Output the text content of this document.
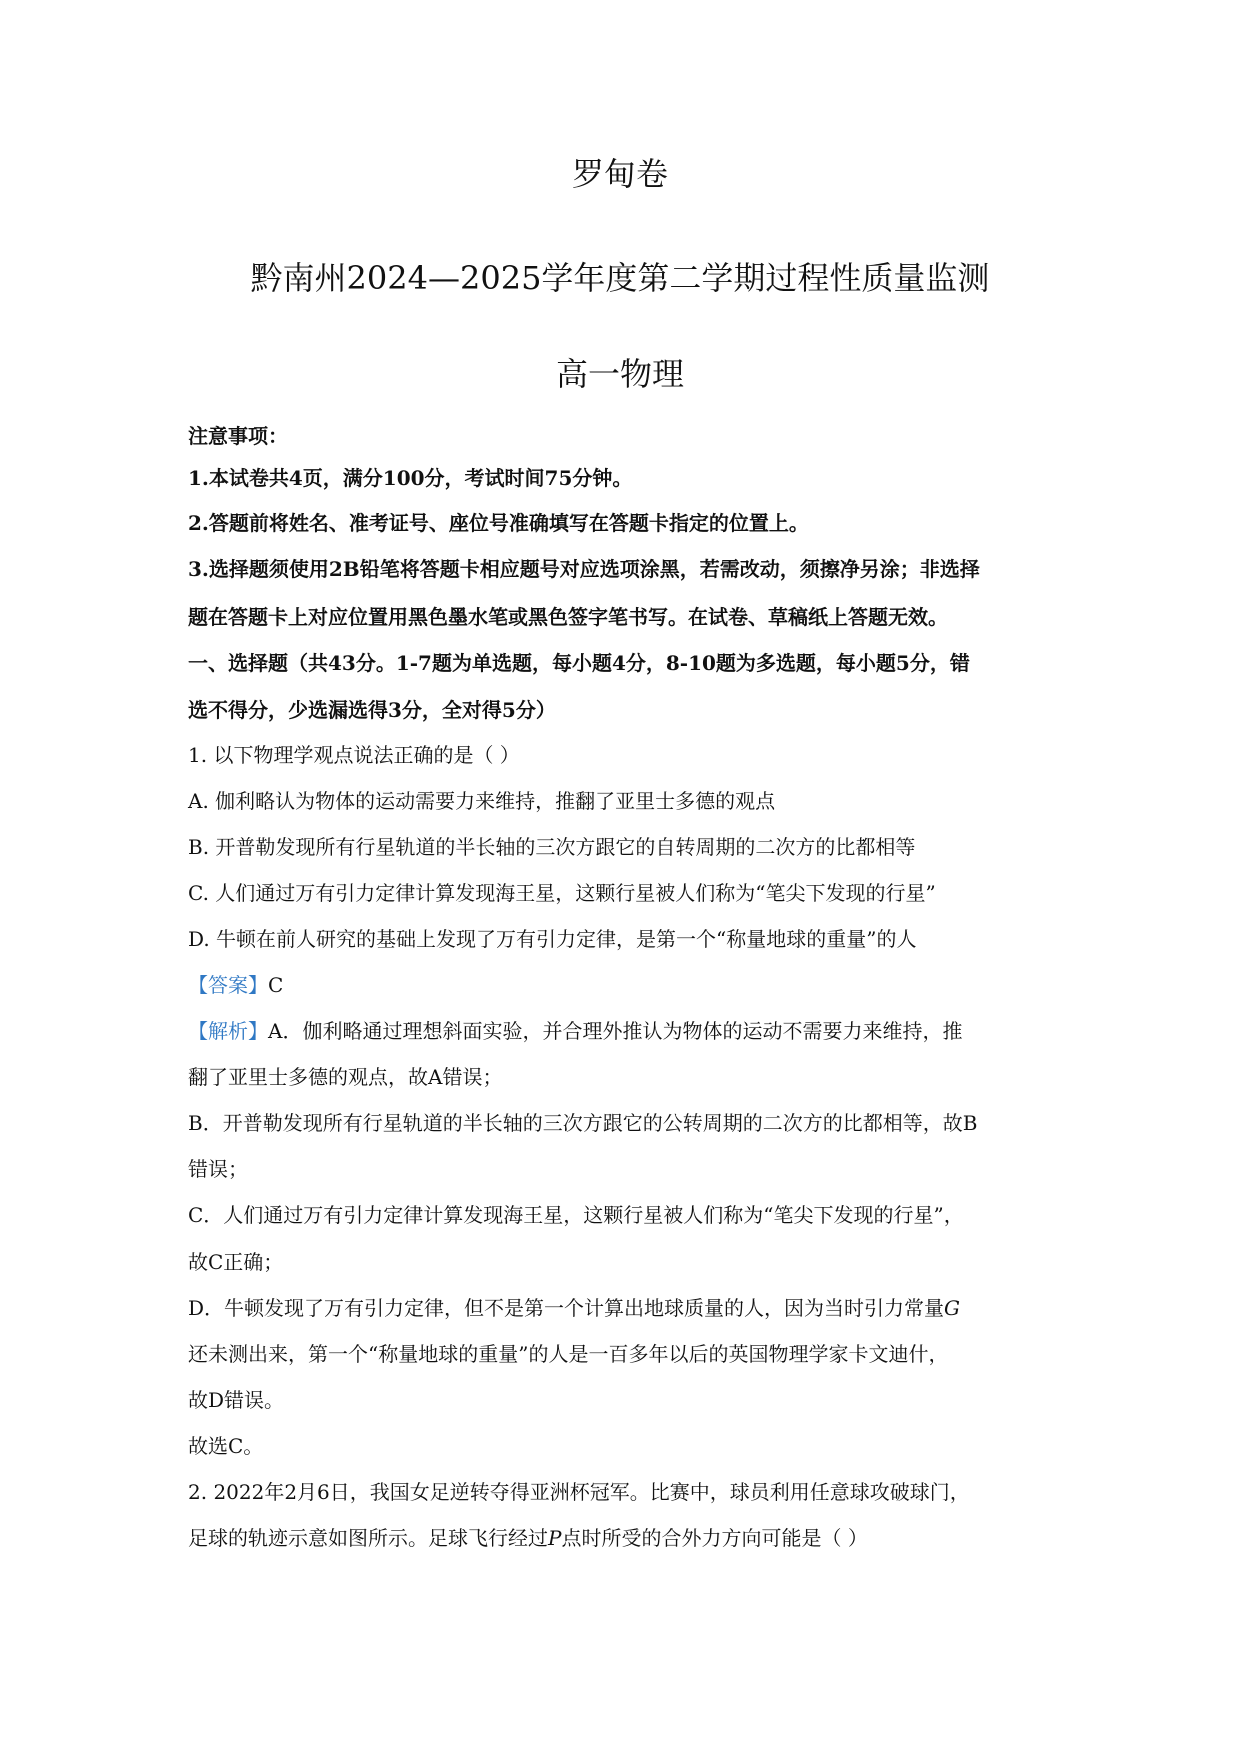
罗甸卷
黔南州2024—2025学年度第二学期过程性质量监测
高一物理
注意事项：
1.本试卷共4页，满分100分，考试时间75分钟。
2.答题前将姓名、准考证号、座位号准确填写在答题卡指定的位置上。
3.选择题须使用2B铅笔将答题卡相应题号对应选项涂黑，若需改动，须擦净另涂；非选择
题在答题卡上对应位置用黑色墨水笔或黑色签字笔书写。在试卷、草稿纸上答题无效。
一、选择题（共43分。1-7题为单选题，每小题4分，8-10题为多选题，每小题5分，错
选不得分，少选漏选得3分，全对得5分）
1. 以下物理学观点说法正确的是（ ）
A. 伽利略认为物体的运动需要力来维持，推翻了亚里士多德的观点
B. 开普勒发现所有行星轨道的半长轴的三次方跟它的自转周期的二次方的比都相等
C. 人们通过万有引力定律计算发现海王星，这颗行星被人们称为“笔尖下发现的行星”
D. 牛顿在前人研究的基础上发现了万有引力定律，是第一个“称量地球的重量”的人
【答案】C
【解析】A．伽利略通过理想斜面实验，并合理外推认为物体的运动不需要力来维持，推
翻了亚里士多德的观点，故A错误；
B．开普勒发现所有行星轨道的半长轴的三次方跟它的公转周期的二次方的比都相等，故B
错误；
C．人们通过万有引力定律计算发现海王星，这颗行星被人们称为“笔尖下发现的行星”，
故C正确；
D．牛顿发现了万有引力定律，但不是第一个计算出地球质量的人，因为当时引力常量G
还未测出来，第一个“称量地球的重量”的人是一百多年以后的英国物理学家卡文迪什，
故D错误。
故选C。
2. 2022年2月6日，我国女足逆转夺得亚洲杯冠军。比赛中，球员利用任意球攻破球门，
足球的轨迹示意如图所示。足球飞行经过P点时所受的合外力方向可能是（ ）
